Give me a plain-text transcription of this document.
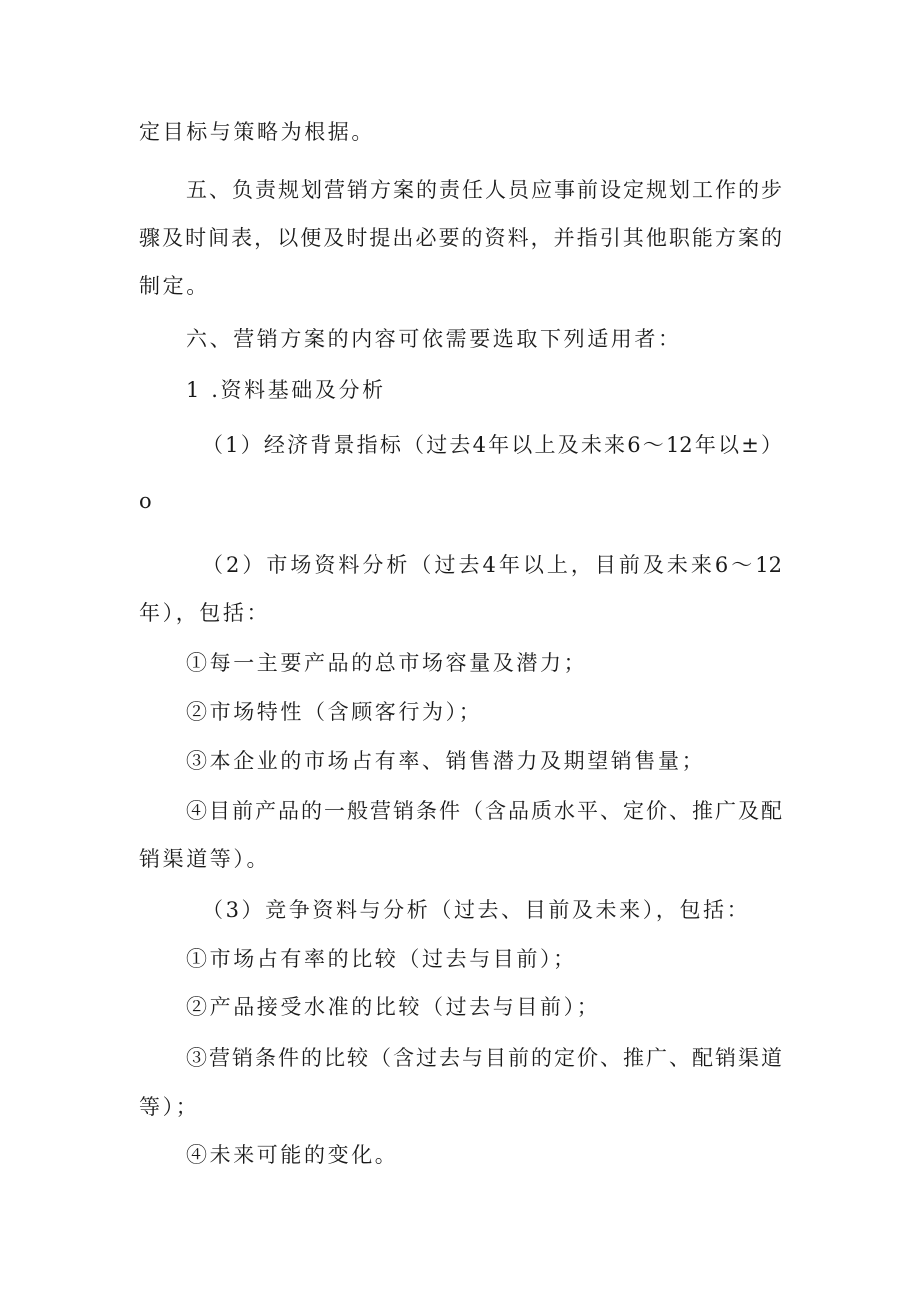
定目标与策略为根据。
五、负责规划营销方案的责任人员应事前设定规划工作的步
骤及时间表，以便及时提出必要的资料，并指引其他职能方案的
制定。
六、营销方案的内容可依需要选取下列适用者：
1 .资料基础及分析
（1）经济背景指标（过去4年以上及未来6～12年以±）
o
（2）市场资料分析（过去4年以上，目前及未来6～12
年），包括：
①每一主要产品的总市场容量及潜力；
②市场特性（含顾客行为）；
③本企业的市场占有率、销售潜力及期望销售量；
④目前产品的一般营销条件（含品质水平、定价、推广及配
销渠道等）。
（3）竞争资料与分析（过去、目前及未来），包括：
①市场占有率的比较（过去与目前）；
②产品接受水准的比较（过去与目前）；
③营销条件的比较（含过去与目前的定价、推广、配销渠道
等）；
④未来可能的变化。
